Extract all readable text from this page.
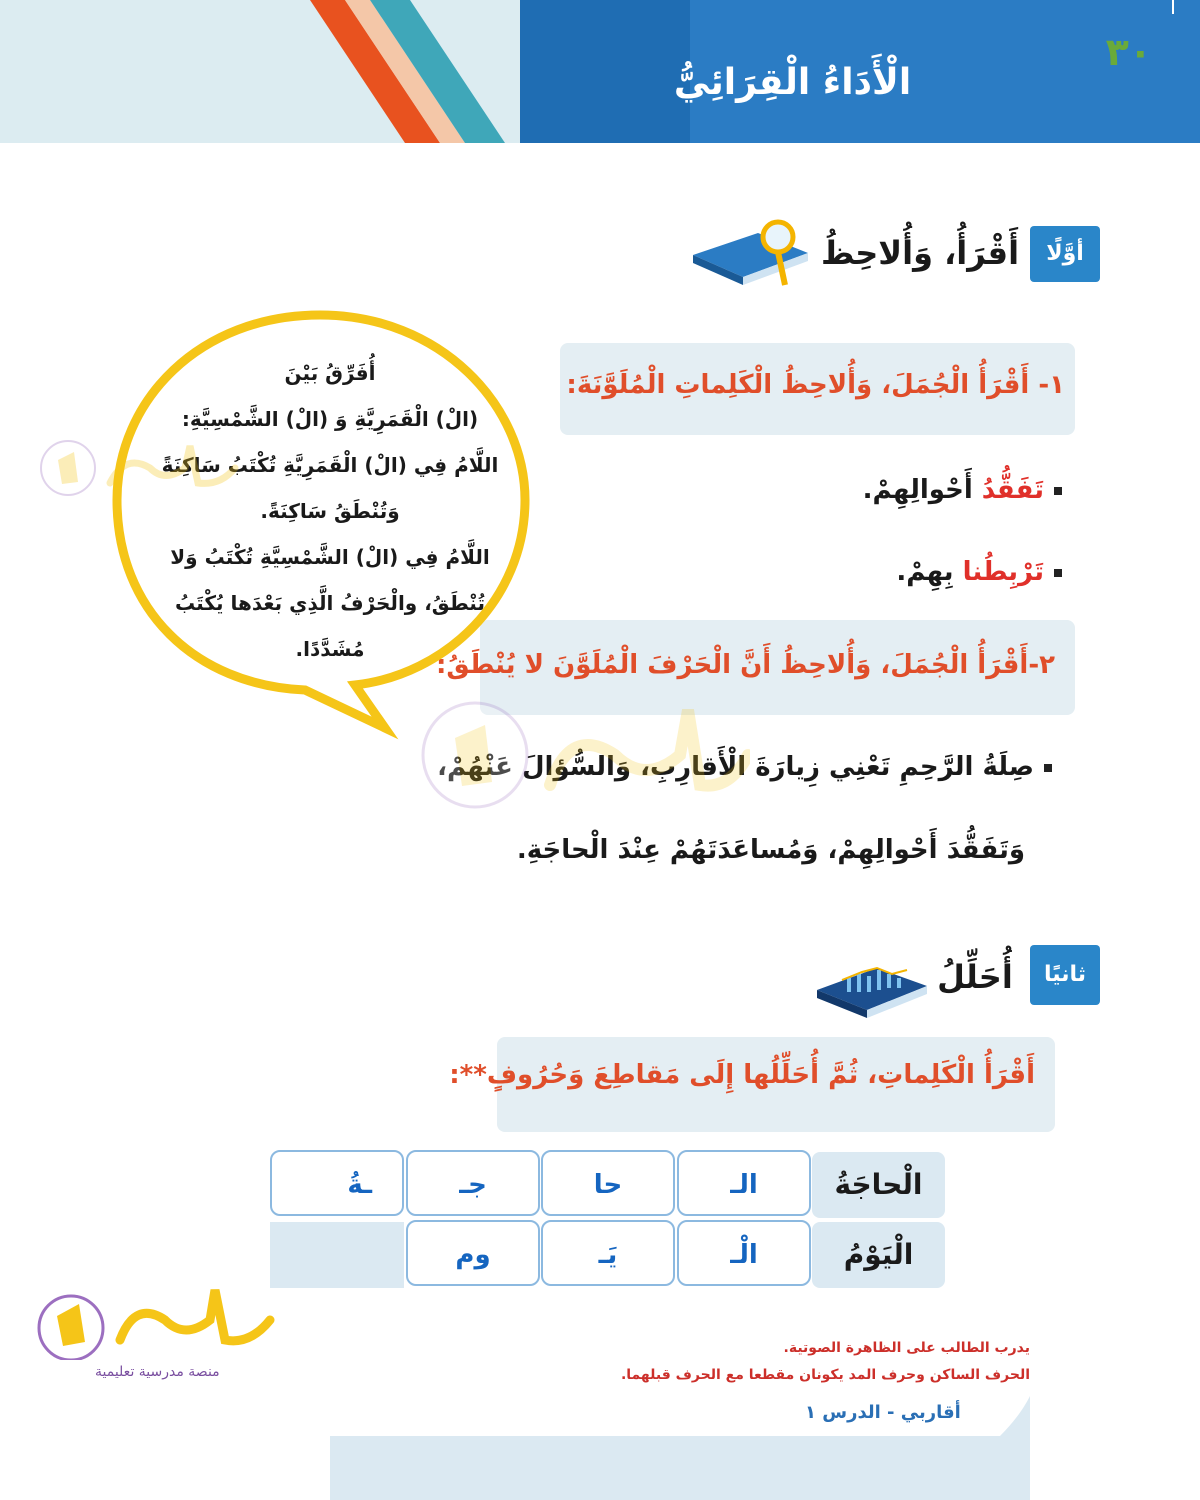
٣٠
الْأَدَاءُ الْقِرَائِيُّ
أوَّلًا
أَقْرَأُ، وَأُلاحِظُ
١- أَقْرَأُ الْجُمَلَ، وَأُلاحِظُ الْكَلِماتِ الْمُلَوَّنَةَ:
تَفَقُّدُ أَحْوالِهِمْ.
تَرْبِطُنا بِهِمْ.
٢-أَقْرَأُ الْجُمَلَ، وَأُلاحِظُ أَنَّ الْحَرْفَ الْمُلَوَّنَ لا يُنْطَقُ:
صِلَةُ الرَّحِمِ تَعْنِي زِيارَةَ الْأَقارِبِ، وَالسُّؤالَ عَنْهُمْ،
وَتَفَقُّدَ أَحْوالِهِمْ، وَمُساعَدَتَهُمْ عِنْدَ الْحاجَةِ.
أُفَرِّقُ بَيْنَ
(الْ) الْقَمَرِيَّةِ وَ (الْ) الشَّمْسِيَّةِ:
اللَّامُ فِي (الْ) الْقَمَرِيَّةِ تُكْتَبُ سَاكِنَةً
وَتُنْطَقُ سَاكِنَةً.
اللَّامُ فِي (الْ) الشَّمْسِيَّةِ تُكْتَبُ وَلا
تُنْطَقُ، والْحَرْفُ الَّذِي بَعْدَها يُكْتَبُ
مُشَدَّدًا.
ثانيًا
أُحَلِّلُ
أَقْرَأُ الْكَلِماتِ، ثُمَّ أُحَلِّلُها إِلَى مَقاطِعَ وَحُرُوفٍ**:
الْحاجَةُ
الـ
حا
جـ
ـةُ
الْيَوْمُ
الْـ
يَـ
وم
يدرب الطالب على الظاهرة الصوتية.
الحرف الساكن وحرف المد يكونان مقطعا مع الحرف قبلهما.
أقاربي - الدرس ١
منصة مدرسية تعليمية
